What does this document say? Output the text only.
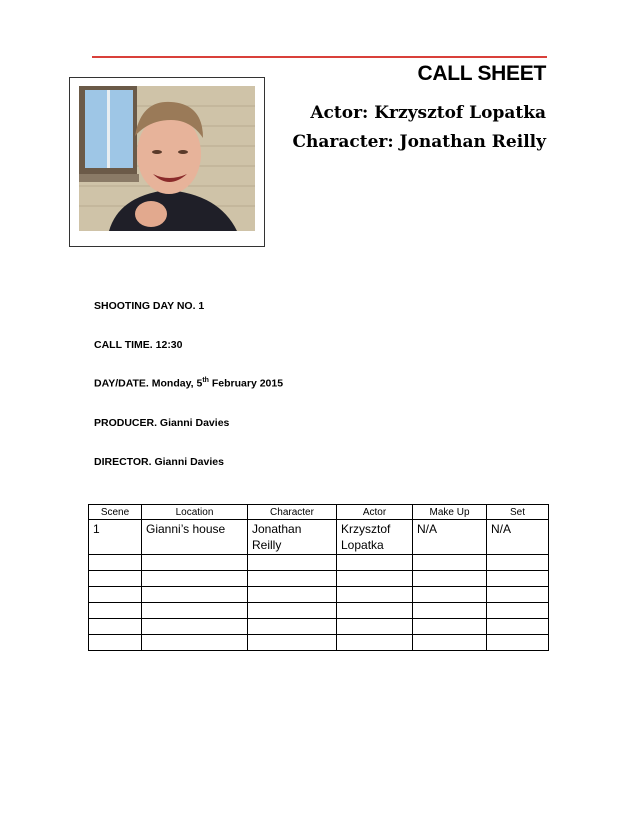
CALL SHEET
Actor: Krzysztof Lopatka
Character: Jonathan Reilly
SHOOTING DAY NO. 1
CALL TIME. 12:30
DAY/DATE. Monday, 5th February 2015
PRODUCER. Gianni Davies
DIRECTOR. Gianni Davies
Scene	Location	Character	Actor	Make Up	Set
1	Gianni’s house	Jonathan Reilly	Krzysztof Lopatka	N/A	N/A
